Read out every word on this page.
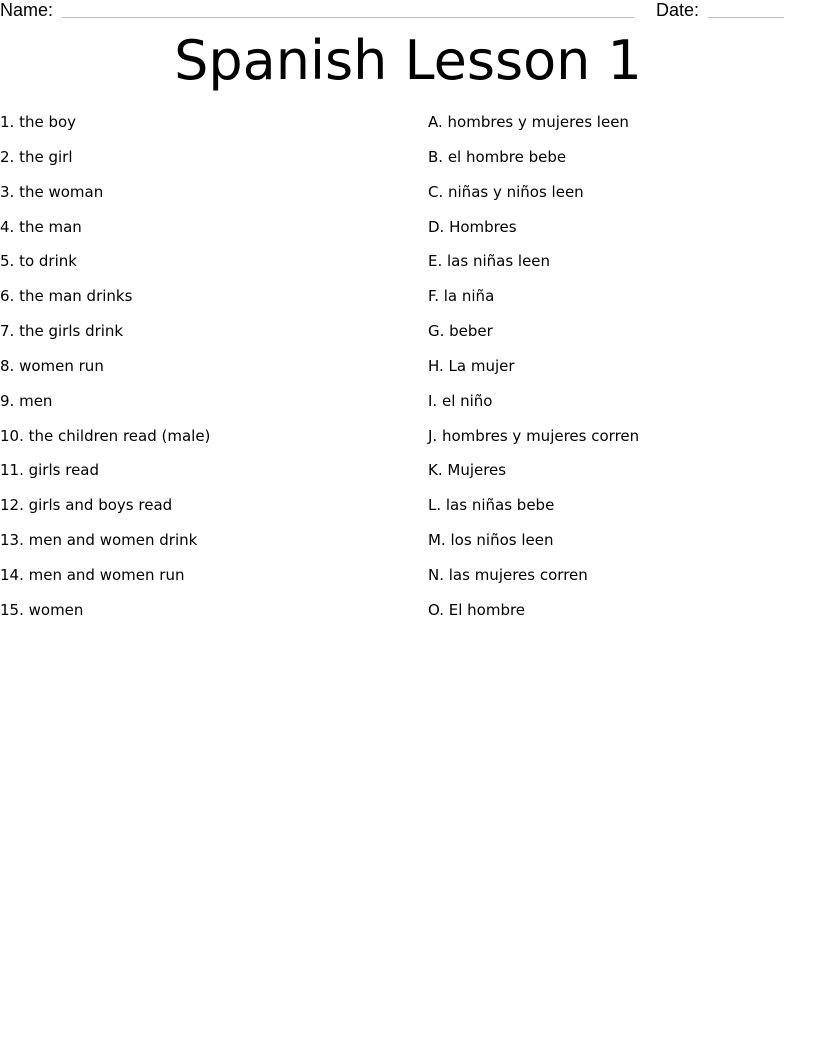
Name:	Date:
Spanish Lesson 1
1. the boy
2. the girl
3. the woman
4. the man
5. to drink
6. the man drinks
7. the girls drink
8. women run
9. men
10. the children read (male)
11. girls read
12. girls and boys read
13. men and women drink
14. men and women run
15. women
A. hombres y mujeres leen
B. el hombre bebe
C. niñas y niños leen
D. Hombres
E. las niñas leen
F. la niña
G. beber
H. La mujer
I. el niño
J. hombres y mujeres corren
K. Mujeres
L. las niñas bebe
M. los niños leen
N. las mujeres corren
O. El hombre
